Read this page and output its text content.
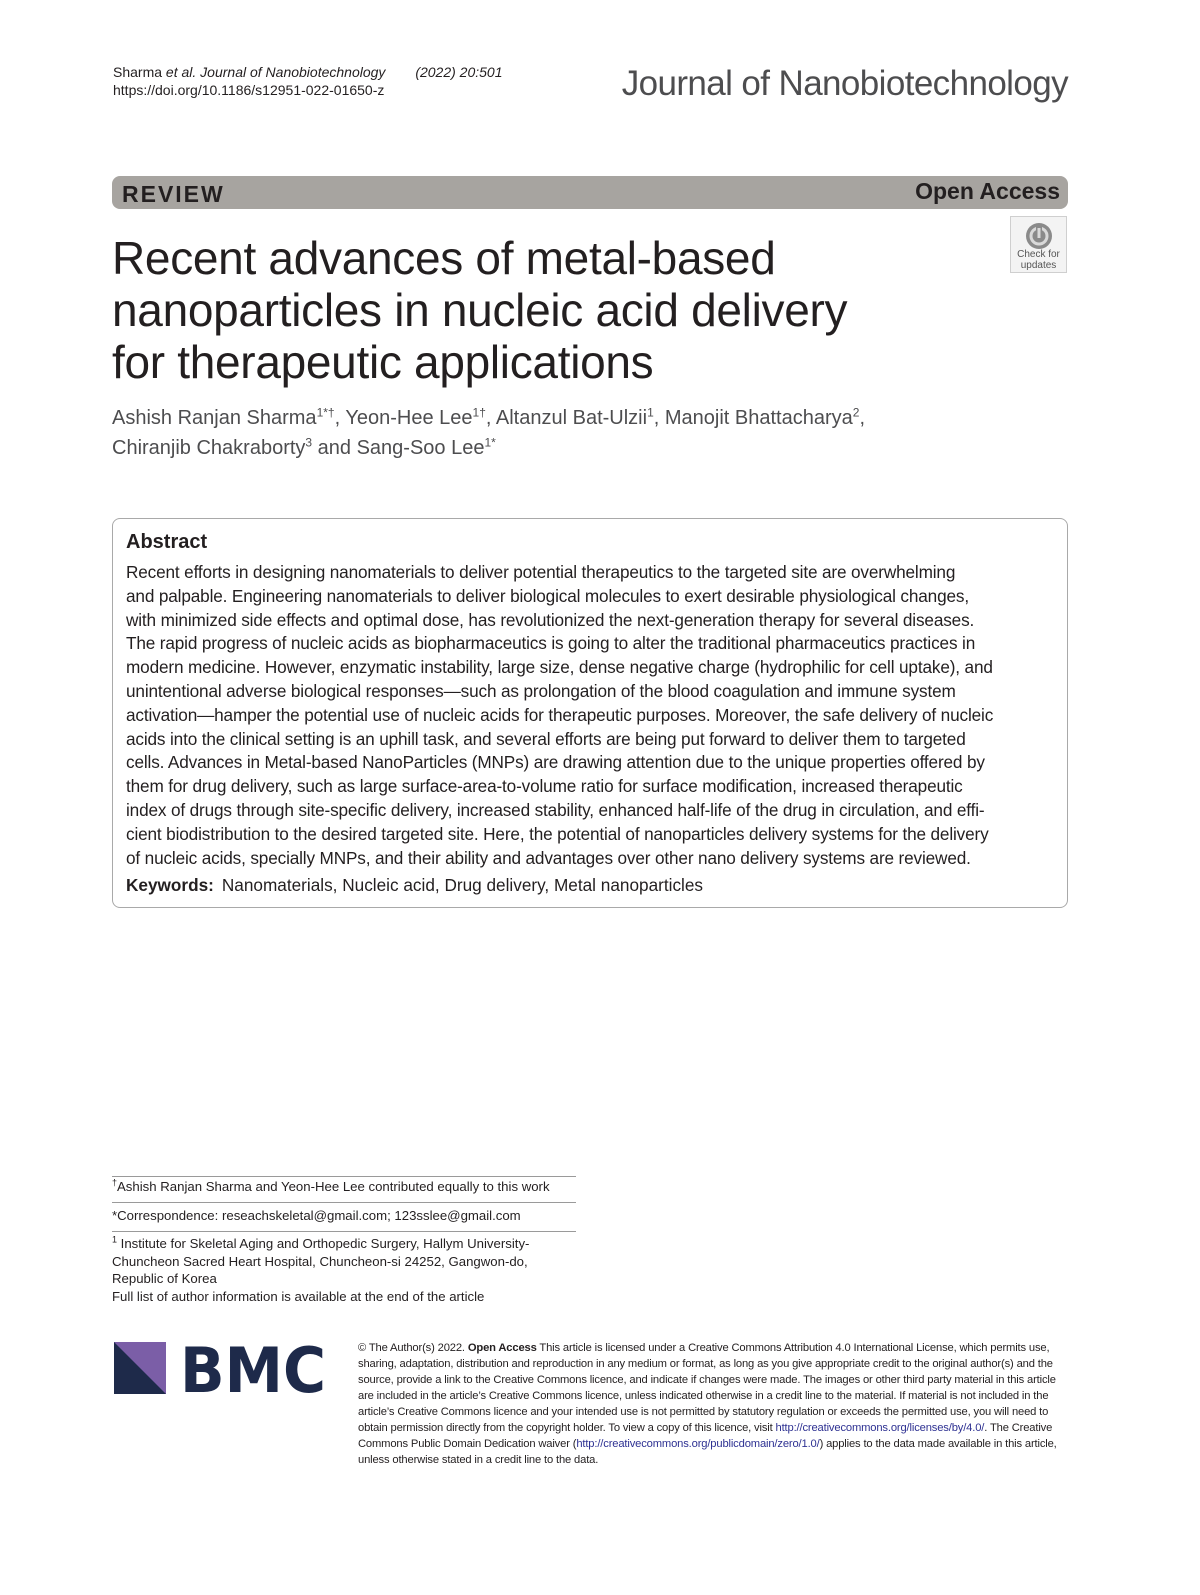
Sharma et al. Journal of Nanobiotechnology (2022) 20:501
https://doi.org/10.1186/s12951-022-01650-z	Journal of Nanobiotechnology
REVIEW	Open Access
Check for
updates
Recent advances of metal-based
nanoparticles in nucleic acid delivery
for therapeutic applications
Ashish Ranjan Sharma$^{1*\dagger}$, Yeon-Hee Lee$^{1\dagger}$, Altanzul Bat-Ulzii$^1$, Manojit Bhattacharya$^2$,
Chiranjib Chakraborty$^3$ and Sang-Soo Lee$^{1*}$
Abstract
Recent efforts in designing nanomaterials to deliver potential therapeutics to the targeted site are overwhelming
and palpable. Engineering nanomaterials to deliver biological molecules to exert desirable physiological changes,
with minimized side effects and optimal dose, has revolutionized the next-generation therapy for several diseases.
The rapid progress of nucleic acids as biopharmaceutics is going to alter the traditional pharmaceutics practices in
modern medicine. However, enzymatic instability, large size, dense negative charge (hydrophilic for cell uptake), and
unintentional adverse biological responses—such as prolongation of the blood coagulation and immune system
activation—hamper the potential use of nucleic acids for therapeutic purposes. Moreover, the safe delivery of nucleic
acids into the clinical setting is an uphill task, and several efforts are being put forward to deliver them to targeted
cells. Advances in Metal-based NanoParticles (MNPs) are drawing attention due to the unique properties offered by
them for drug delivery, such as large surface-area-to-volume ratio for surface modification, increased therapeutic
index of drugs through site-specific delivery, increased stability, enhanced half-life of the drug in circulation, and effi-
cient biodistribution to the desired targeted site. Here, the potential of nanoparticles delivery systems for the delivery
of nucleic acids, specially MNPs, and their ability and advantages over other nano delivery systems are reviewed.
Keywords: Nanomaterials, Nucleic acid, Drug delivery, Metal nanoparticles
†Ashish Ranjan Sharma and Yeon-Hee Lee contributed equally to this work
*Correspondence: reseachskeletal@gmail.com; 123sslee@gmail.com
$^1$ Institute for Skeletal Aging and Orthopedic Surgery, Hallym University-
Chuncheon Sacred Heart Hospital, Chuncheon-si 24252, Gangwon-do,
Republic of Korea
Full list of author information is available at the end of the article
BMC	© The Author(s) 2022. Open Access This article is licensed under a Creative Commons Attribution 4.0 International License, which permits use, sharing, adaptation, distribution and reproduction in any medium or format, as long as you give appropriate credit to the original author(s) and the source, provide a link to the Creative Commons licence, and indicate if changes were made. The images or other third party material in this article are included in the article’s Creative Commons licence, unless indicated otherwise in a credit line to the material. If material is not included in the article’s Creative Commons licence and your intended use is not permitted by statutory regulation or exceeds the permitted use, you will need to obtain permission directly from the copyright holder. To view a copy of this licence, visit http://creativecommons.org/licenses/by/4.0/. The Creative Commons Public Domain Dedication waiver (http://creativecommons.org/publicdomain/zero/1.0/) applies to the data made available in this article, unless otherwise stated in a credit line to the data.
